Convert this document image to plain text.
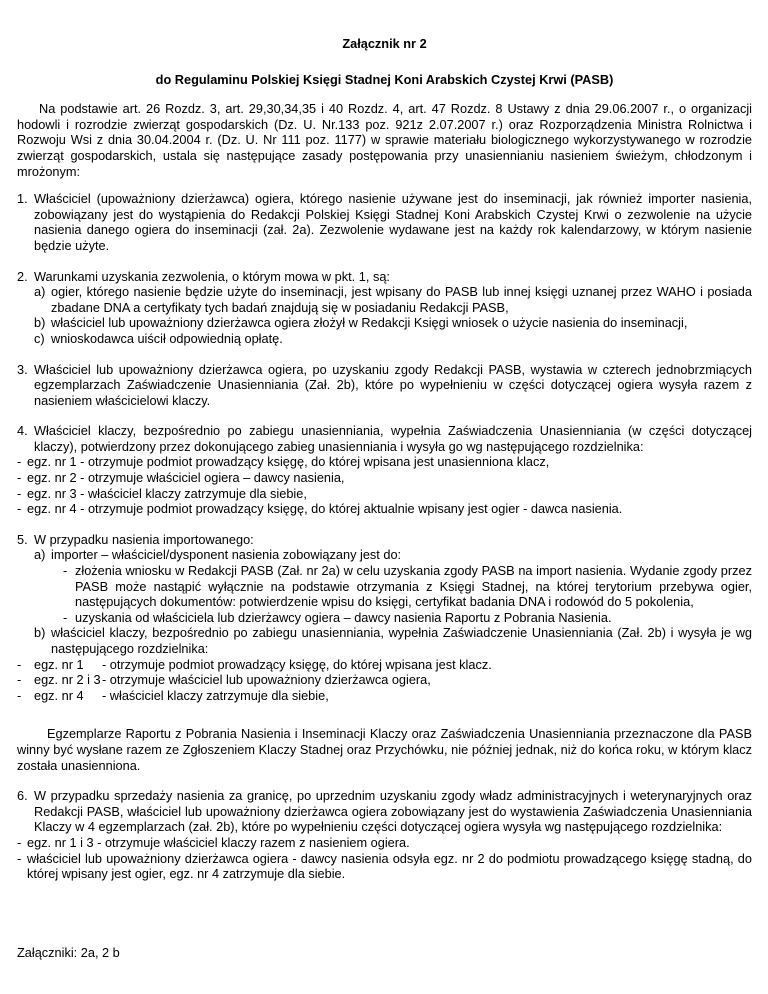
Załącznik nr 2
do Regulaminu Polskiej Księgi Stadnej Koni Arabskich Czystej Krwi (PASB)
Na podstawie art. 26 Rozdz. 3, art. 29,30,34,35 i 40 Rozdz. 4, art. 47 Rozdz. 8 Ustawy z dnia 29.06.2007 r., o organizacji hodowli i rozrodzie zwierząt gospodarskich (Dz. U. Nr.133 poz. 921z 2.07.2007 r.) oraz Rozporządzenia Ministra Rolnictwa i Rozwoju Wsi z dnia 30.04.2004 r. (Dz. U. Nr 111 poz. 1177) w sprawie materiału biologicznego wykorzystywanego w rozrodzie zwierząt gospodarskich, ustala się następujące zasady postępowania przy unasiennianiu nasieniem świeżym, chłodzonym i mrożonym:
1. Właściciel (upoważniony dzierżawca) ogiera, którego nasienie używane jest do inseminacji, jak również importer nasienia, zobowiązany jest do wystąpienia do Redakcji Polskiej Księgi Stadnej Koni Arabskich Czystej Krwi o zezwolenie na użycie nasienia danego ogiera do inseminacji (zał. 2a). Zezwolenie wydawane jest na każdy rok kalendarzowy, w którym nasienie będzie użyte.
2. Warunkami uzyskania zezwolenia, o którym mowa w pkt. 1, są:
a) ogier, którego nasienie będzie użyte do inseminacji, jest wpisany do PASB lub innej księgi uznanej przez WAHO i posiada zbadane DNA a certyfikaty tych badań znajdują się w posiadaniu Redakcji PASB,
b) właściciel lub upoważniony dzierżawca ogiera złożył w Redakcji Księgi wniosek o użycie nasienia do inseminacji,
c) wnioskodawca uiścił odpowiednią opłatę.
3. Właściciel lub upoważniony dzierżawca ogiera, po uzyskaniu zgody Redakcji PASB, wystawia w czterech jednobrzmiących egzemplarzach Zaświadczenie Unasienniania (Zał. 2b), które po wypełnieniu w części dotyczącej ogiera wysyła razem z nasieniem właścicielowi klaczy.
4. Właściciel klaczy, bezpośrednio po zabiegu unasienniania, wypełnia Zaświadczenia Unasienniania (w części dotyczącej klaczy), potwierdzony przez dokonującego zabieg unasienniania i wysyła go wg następującego rozdzielnika:
- egz. nr 1 - otrzymuje podmiot prowadzący księgę, do której wpisana jest unasienniona klacz,
- egz. nr 2 - otrzymuje właściciel ogiera – dawcy nasienia,
- egz. nr 3 - właściciel klaczy zatrzymuje dla siebie,
- egz. nr 4 - otrzymuje podmiot prowadzący księgę, do której aktualnie wpisany jest ogier - dawca nasienia.
5. W przypadku nasienia importowanego:
a) importer – właściciel/dysponent nasienia zobowiązany jest do:
- złożenia wniosku w Redakcji PASB (Zał. nr 2a) w celu uzyskania zgody PASB na import nasienia. Wydanie zgody przez PASB może nastąpić wyłącznie na podstawie otrzymania z Księgi Stadnej, na której terytorium przebywa ogier, następujących dokumentów: potwierdzenie wpisu do księgi, certyfikat badania DNA i rodowód do 5 pokolenia,
- uzyskania od właściciela lub dzierżawcy ogiera – dawcy nasienia Raportu z Pobrania Nasienia.
b) właściciel klaczy, bezpośrednio po zabiegu unasienniania, wypełnia Zaświadczenie Unasienniania (Zał. 2b) i wysyła je wg następującego rozdzielnika:
- egz. nr 1 - otrzymuje podmiot prowadzący księgę, do której wpisana jest klacz.
- egz. nr 2 i 3 - otrzymuje właściciel lub upoważniony dzierżawca ogiera,
- egz. nr 4 - właściciel klaczy zatrzymuje dla siebie,
Egzemplarze Raportu z Pobrania Nasienia i Inseminacji Klaczy oraz Zaświadczenia Unasienniania przeznaczone dla PASB winny być wysłane razem ze Zgłoszeniem Klaczy Stadnej oraz Przychówku, nie później jednak, niż do końca roku, w którym klacz została unasienniona.
6. W przypadku sprzedaży nasienia za granicę, po uprzednim uzyskaniu zgody władz administracyjnych i weterynaryjnych oraz Redakcji PASB, właściciel lub upoważniony dzierżawca ogiera zobowiązany jest do wystawienia Zaświadczenia Unasienniania Klaczy w 4 egzemplarzach (zał. 2b), które po wypełnieniu części dotyczącej ogiera wysyła wg następującego rozdzielnika:
- egz. nr 1 i 3 - otrzymuje właściciel klaczy razem z nasieniem ogiera.
- właściciel lub upoważniony dzierżawca ogiera - dawcy nasienia odsyła egz. nr 2 do podmiotu prowadzącego księgę stadną, do której wpisany jest ogier, egz. nr 4 zatrzymuje dla siebie.
Załączniki: 2a, 2 b
